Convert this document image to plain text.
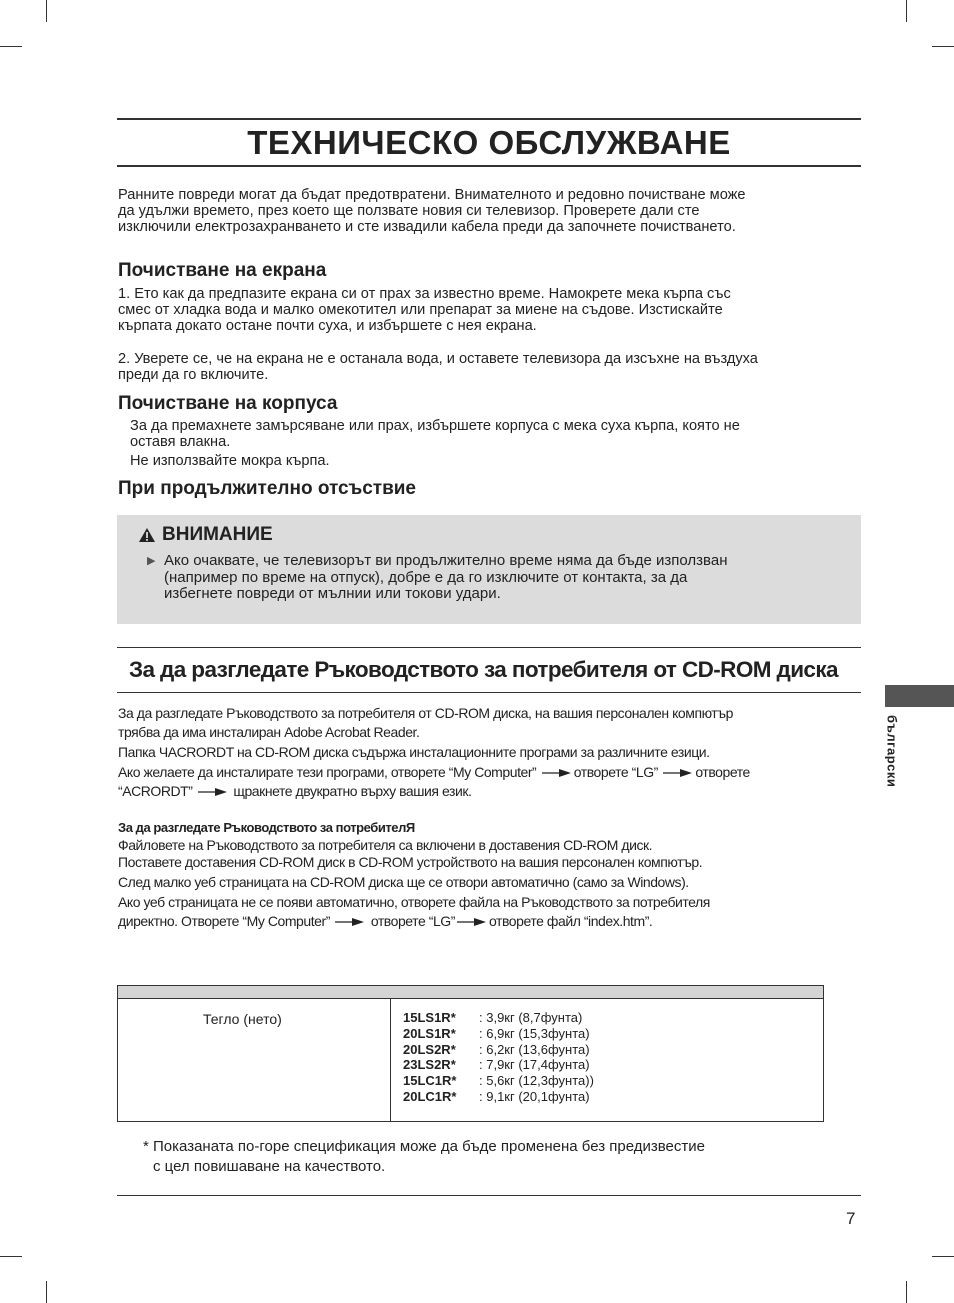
ТЕХНИЧЕСКО ОБСЛУЖВАНЕ

Ранните повреди могат да бъдат предотвратени. Внимателното и редовно почистване може
да удължи времето, през което ще ползвате новия си телевизор. Проверете дали сте
изключили електрозахранването и сте извадили кабела преди да започнете почистването.

Почистване на екрана

1. Ето как да предпазите екрана си от прах за известно време. Намокрете мека кърпа със
смес от хладка вода и малко омекотител или препарат за миене на съдове. Изстискайте
кърпата докато остане почти суха, и избършете с нея екрана.

2. Уверете се, че на екрана не е останала вода, и оставете телевизора да изсъхне на въздуха
преди да го включите.

Почистване на корпуса

За да премахнете замърсяване или прах, избършете корпуса с мека суха кърпа, която не
оставя влакна.
Не използвайте мокра кърпа.

При продължително отсъствие
ВНИМАНИЕ
▶ Ако очаквате, че телевизорът ви продължително време няма да бъде използван
(например по време на отпуск), добре е да го изключите от контакта, за да
избегнете повреди от мълнии или токови удари.

За да разгледате Ръководството за потребителя от CD-ROM диска

За да разгледате Ръководството за потребителя от CD-ROM диска, на вашия персонален компютър

трябва да има инсталиран Adobe Acrobat Reader.

Папка ЧACRORDT на CD-ROM диска съдържа инсталационните програми за различните езици.

Ако желаете да инсталирате тези програми, отворете “My Computer”	отворете “LG”	отворете

“ACRORDT”	щракнете двукратно върху вашия език.

За да разгледате Ръководството за потребителЯ

Файловете на Ръководството за потребителя са включени в доставения CD-ROM диск.

Поставете доставения CD-ROM диск в CD-ROM устройството на вашия персонален компютър.

След малко уеб страницата на CD-ROM диска ще се отвори автоматично (само за Windows).

Ако уеб страницата не се появи автоматично, отворете файла на Ръководството за потребителя

директно. Отворете “My Computer”	отворете “LG” отворете файл “index.htm”.

български
Тегло (нето)	15LS1R*	: 3,9кг (8,7фунта)
20LS1R*	: 6,9кг (15,3фунта)
20LS2R*	: 6,2кг (13,6фунта)
23LS2R*	: 7,9кг (17,4фунта)
15LC1R*	: 5,6кг (12,3фунта))
20LC1R*	: 9,1кг (20,1фунта)

* Показаната по-горе спецификация може да бъде променена без предизвестие
с цел повишаване на качеството.

7
